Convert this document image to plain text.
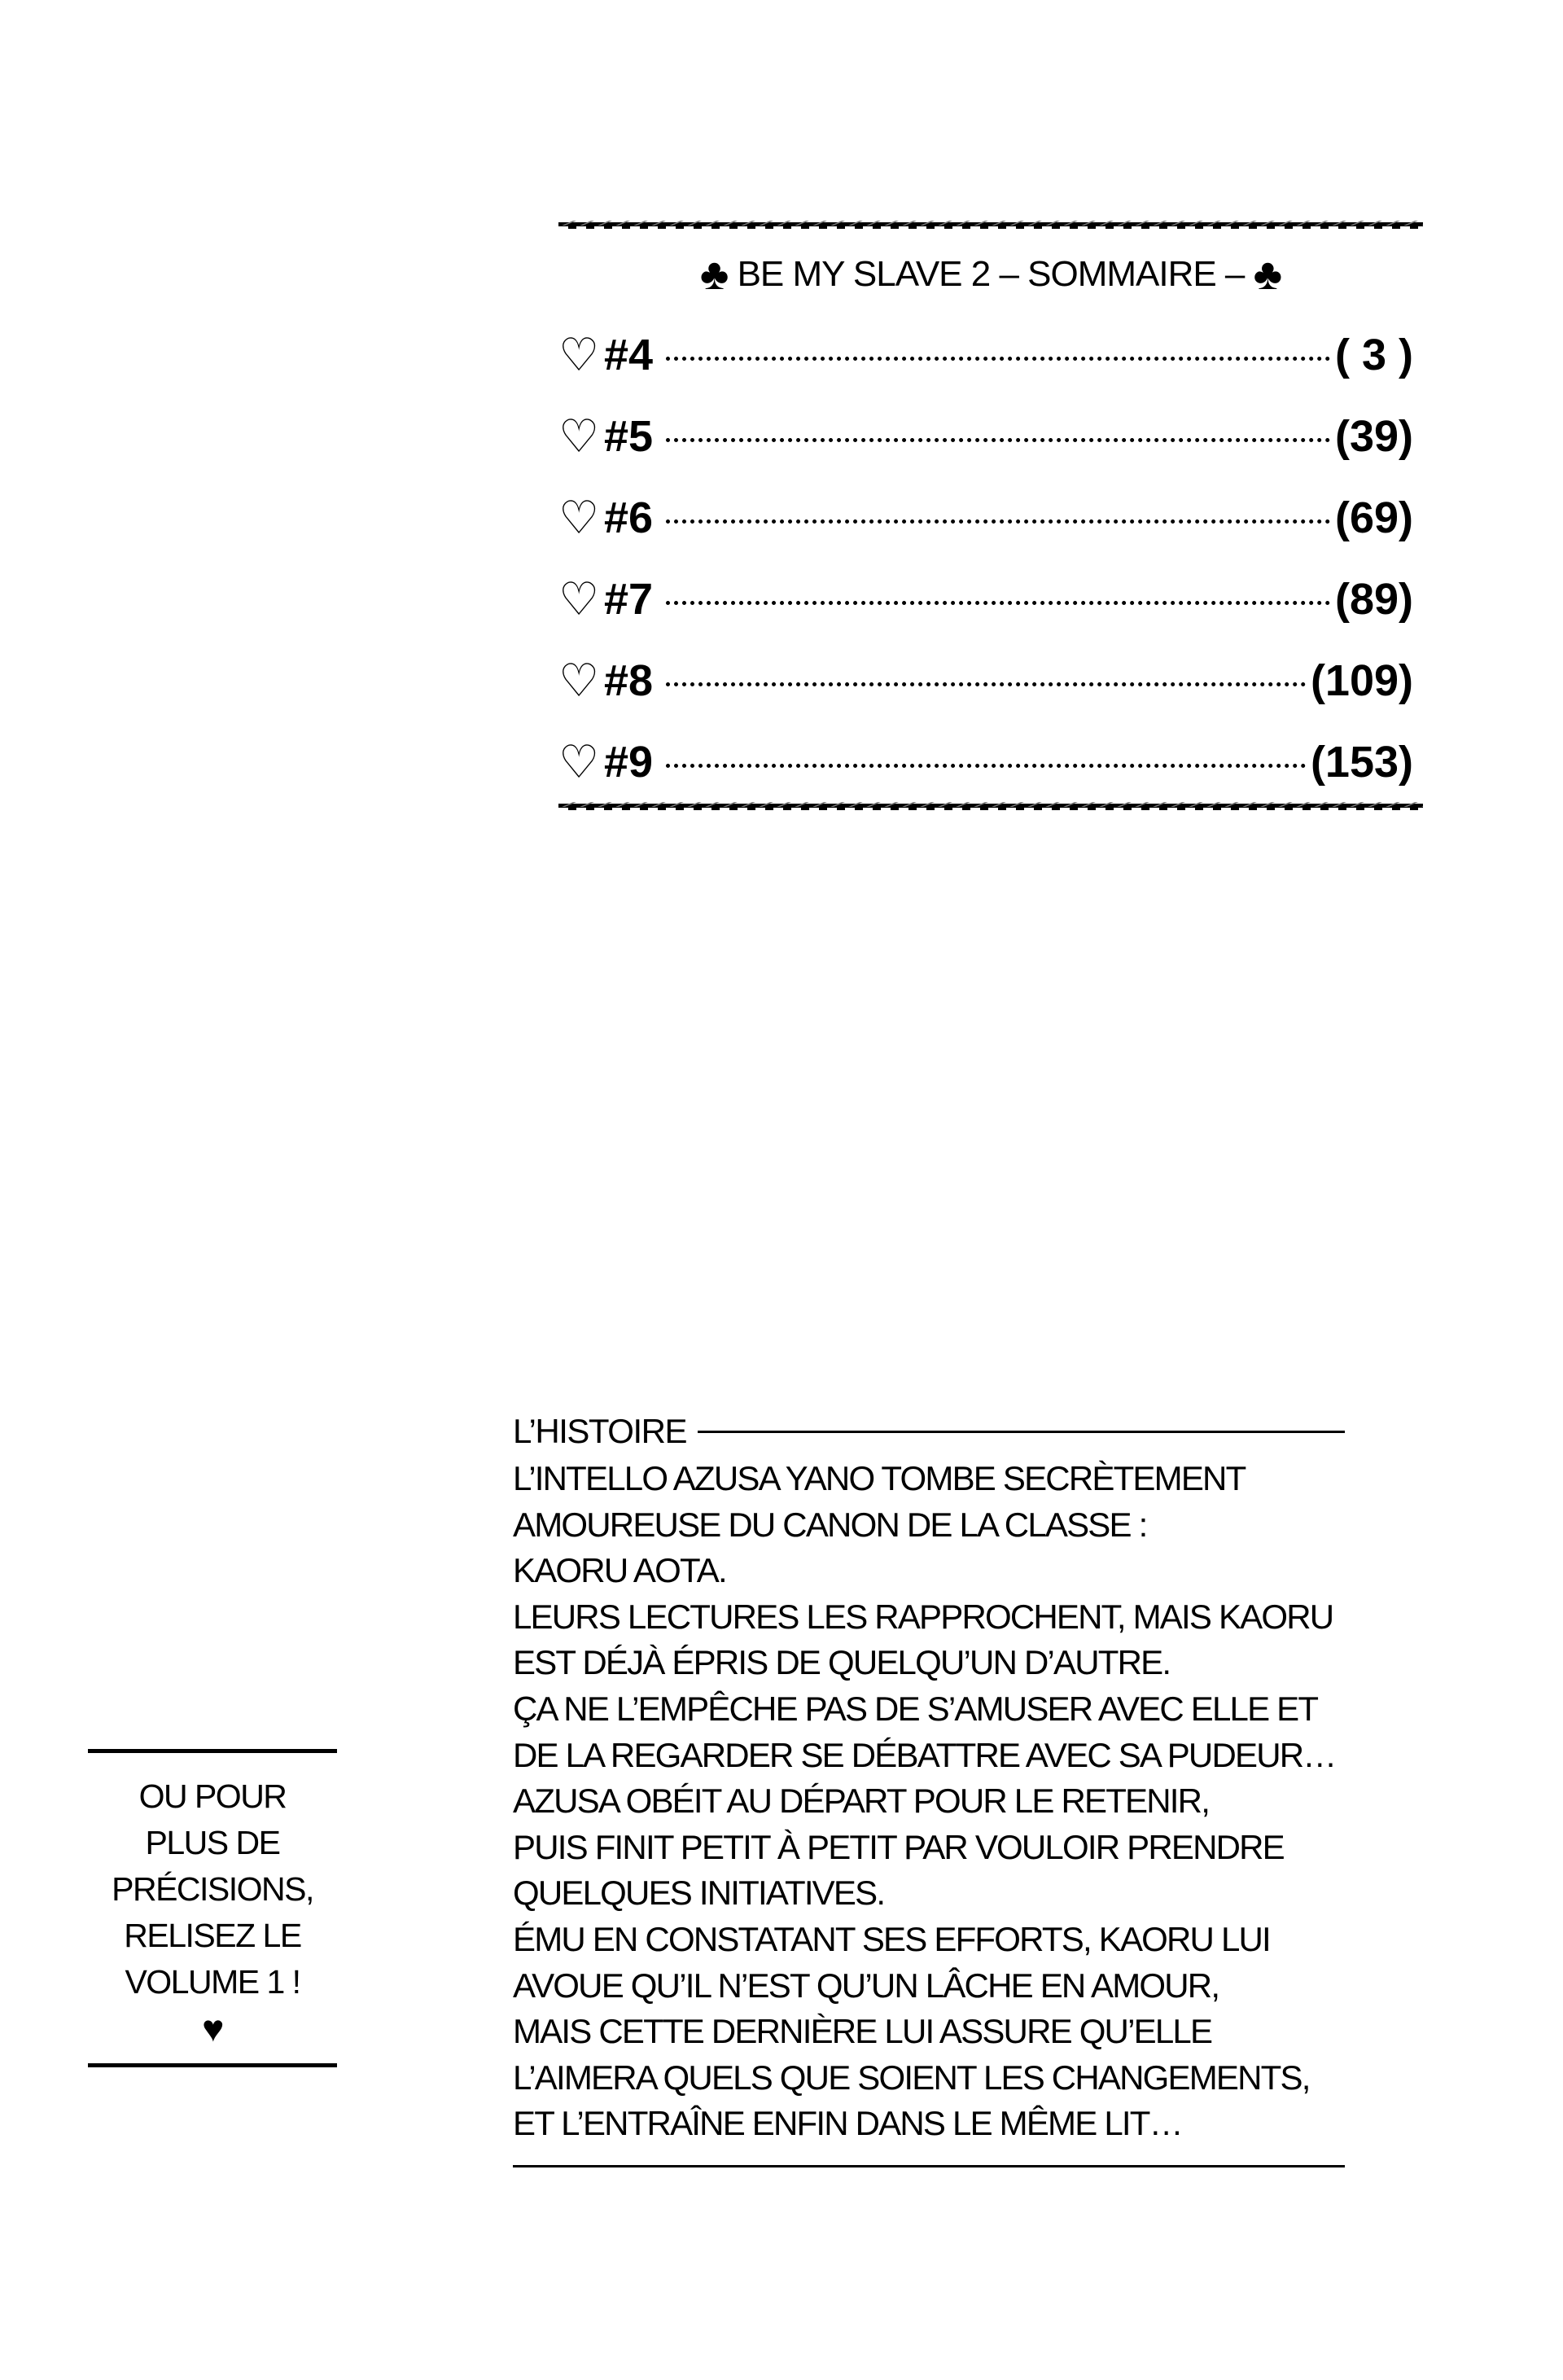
♣ BE MY SLAVE 2 – SOMMAIRE – ♣
♡ #4	( 3 )
♡ #5	(39)
♡ #6	(69)
♡ #7	(89)
♡ #8	(109)
♡ #9	(153)
OU POUR
PLUS DE
PRÉCISIONS,
RELISEZ LE
VOLUME 1 !
♥
L’HISTOIRE
L’INTELLO AZUSA YANO TOMBE SECRÈTEMENT
AMOUREUSE DU CANON DE LA CLASSE :
KAORU AOTA.
LEURS LECTURES LES RAPPROCHENT, MAIS KAORU
EST DÉJÀ ÉPRIS DE QUELQU’UN D’AUTRE.
ÇA NE L’EMPÊCHE PAS DE S’AMUSER AVEC ELLE ET
DE LA REGARDER SE DÉBATTRE AVEC SA PUDEUR…
AZUSA OBÉIT AU DÉPART POUR LE RETENIR,
PUIS FINIT PETIT À PETIT PAR VOULOIR PRENDRE
QUELQUES INITIATIVES.
ÉMU EN CONSTATANT SES EFFORTS, KAORU LUI
AVOUE QU’IL N’EST QU’UN LÂCHE EN AMOUR,
MAIS CETTE DERNIÈRE LUI ASSURE QU’ELLE
L’AIMERA QUELS QUE SOIENT LES CHANGEMENTS,
ET L’ENTRAÎNE ENFIN DANS LE MÊME LIT…
